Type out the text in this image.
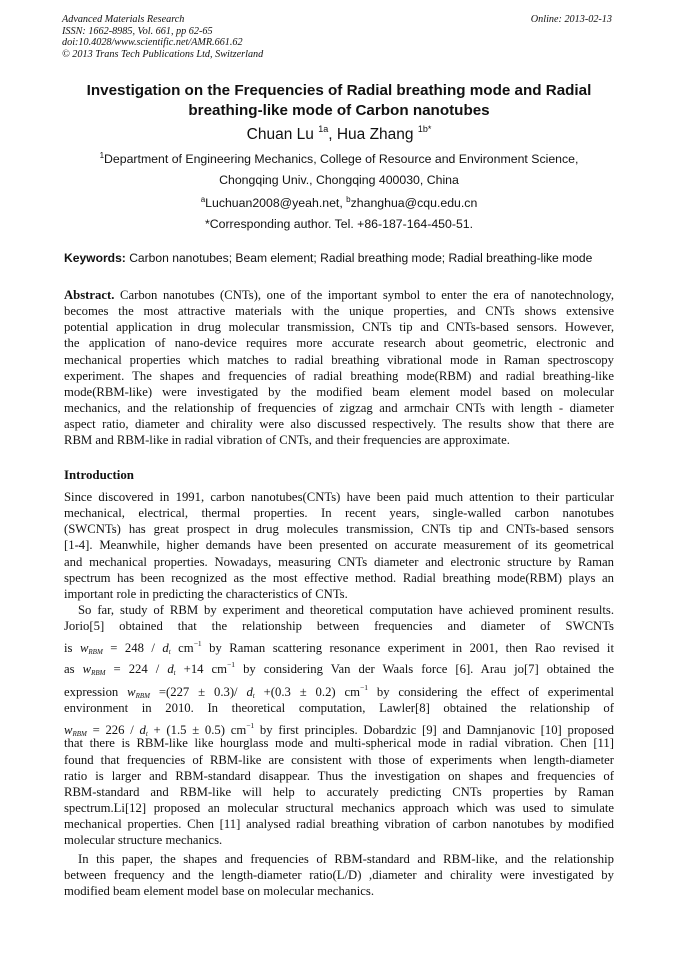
Advanced Materials Research
ISSN: 1662-8985, Vol. 661, pp 62-65
doi:10.4028/www.scientific.net/AMR.661.62
© 2013 Trans Tech Publications Ltd, Switzerland
Online: 2013-02-13
Investigation on the Frequencies of Radial breathing mode and Radial
breathing-like mode of Carbon nanotubes
Chuan Lu $^{1a}$, Hua Zhang $^{1b*}$
$^1$Department of Engineering Mechanics, College of Resource and Environment Science,
Chongqing Univ., Chongqing 400030, China
$^a$Luchuan2008@yeah.net, $^b$zhanghua@cqu.edu.cn
*Corresponding author. Tel. +86-187-164-450-51.
Keywords: Carbon nanotubes; Beam element; Radial breathing mode; Radial breathing-like mode
Abstract. Carbon nanotubes (CNTs), one of the important symbol to enter the era of nanotechnology,
becomes the most attractive materials with the unique properties, and CNTs shows extensive
potential application in drug molecular transmission, CNTs tip and CNTs-based sensors. However,
the application of nano-device requires more accurate research about geometric, electronic and
mechanical properties which matches to radial breathing vibrational mode in Raman spectroscopy
experiment. The shapes and frequencies of radial breathing mode(RBM) and radial breathing-like
mode(RBM-like) were investigated by the modified beam element model based on molecular
mechanics, and the relationship of frequencies of zigzag and armchair CNTs with length - diameter
aspect ratio, diameter and chirality were also discussed respectively. The results show that there are
RBM and RBM-like in radial vibration of CNTs, and their frequencies are approximate.
Introduction
Since discovered in 1991, carbon nanotubes(CNTs) have been paid much attention to their particular
mechanical, electrical, thermal properties. In recent years, single-walled carbon nanotubes
(SWCNTs) has great prospect in drug molecules transmission, CNTs tip and CNTs-based sensors
[1-4]. Meanwhile, higher demands have been presented on accurate measurement of its geometrical
and mechanical properties. Nowadays, measuring CNTs diameter and electronic structure by Raman
spectrum has been recognized as the most effective method. Radial breathing mode(RBM) plays an
important role in predicting the characteristics of CNTs.
So far, study of RBM by experiment and theoretical computation have achieved prominent results.
Jorio[5] obtained that the relationship between frequencies and diameter of SWCNTs
is $w_{RBM} = 248 / d_t$ $cm^{-1}$ by Raman scattering resonance experiment in 2001, then Rao revised it
as $w_{RBM} = 224 / d_t +14$ $cm^{-1}$ by considering Van der Waals force [6]. Arau jo[7] obtained the
expression $w_{RBM} =(227 \pm 0.3)/$ $d_t +(0.3 \pm 0.2)$ $cm^{-1}$ by considering the effect of experimental
environment in 2010. In theoretical computation, Lawler[8] obtained the relationship of
$w_{RBM} = 226 / d_t + (1.5 \pm 0.5)$ $cm^{-1}$ by first principles. Dobardzic [9] and Damnjanovic [10] proposed
that there is RBM-like like hourglass mode and multi-spherical mode in radial vibration. Chen [11]
found that frequencies of RBM-like are consistent with those of experiments when length-diameter
ratio is larger and RBM-standard disappear. Thus the investigation on shapes and frequencies of
RBM-standard and RBM-like will help to accurately predicting CNTs properties by Raman
spectrum.Li[12] proposed an molecular structural mechanics approach which was used to simulate
mechanical properties. Chen [11] analysed radial breathing vibration of carbon nanotubes by modified
molecular structure mechanics.
In this paper, the shapes and frequencies of RBM-standard and RBM-like, and the relationship
between frequency and the length-diameter ratio(L/D) ,diameter and chirality were investigated by
modified beam element model base on molecular mechanics.
